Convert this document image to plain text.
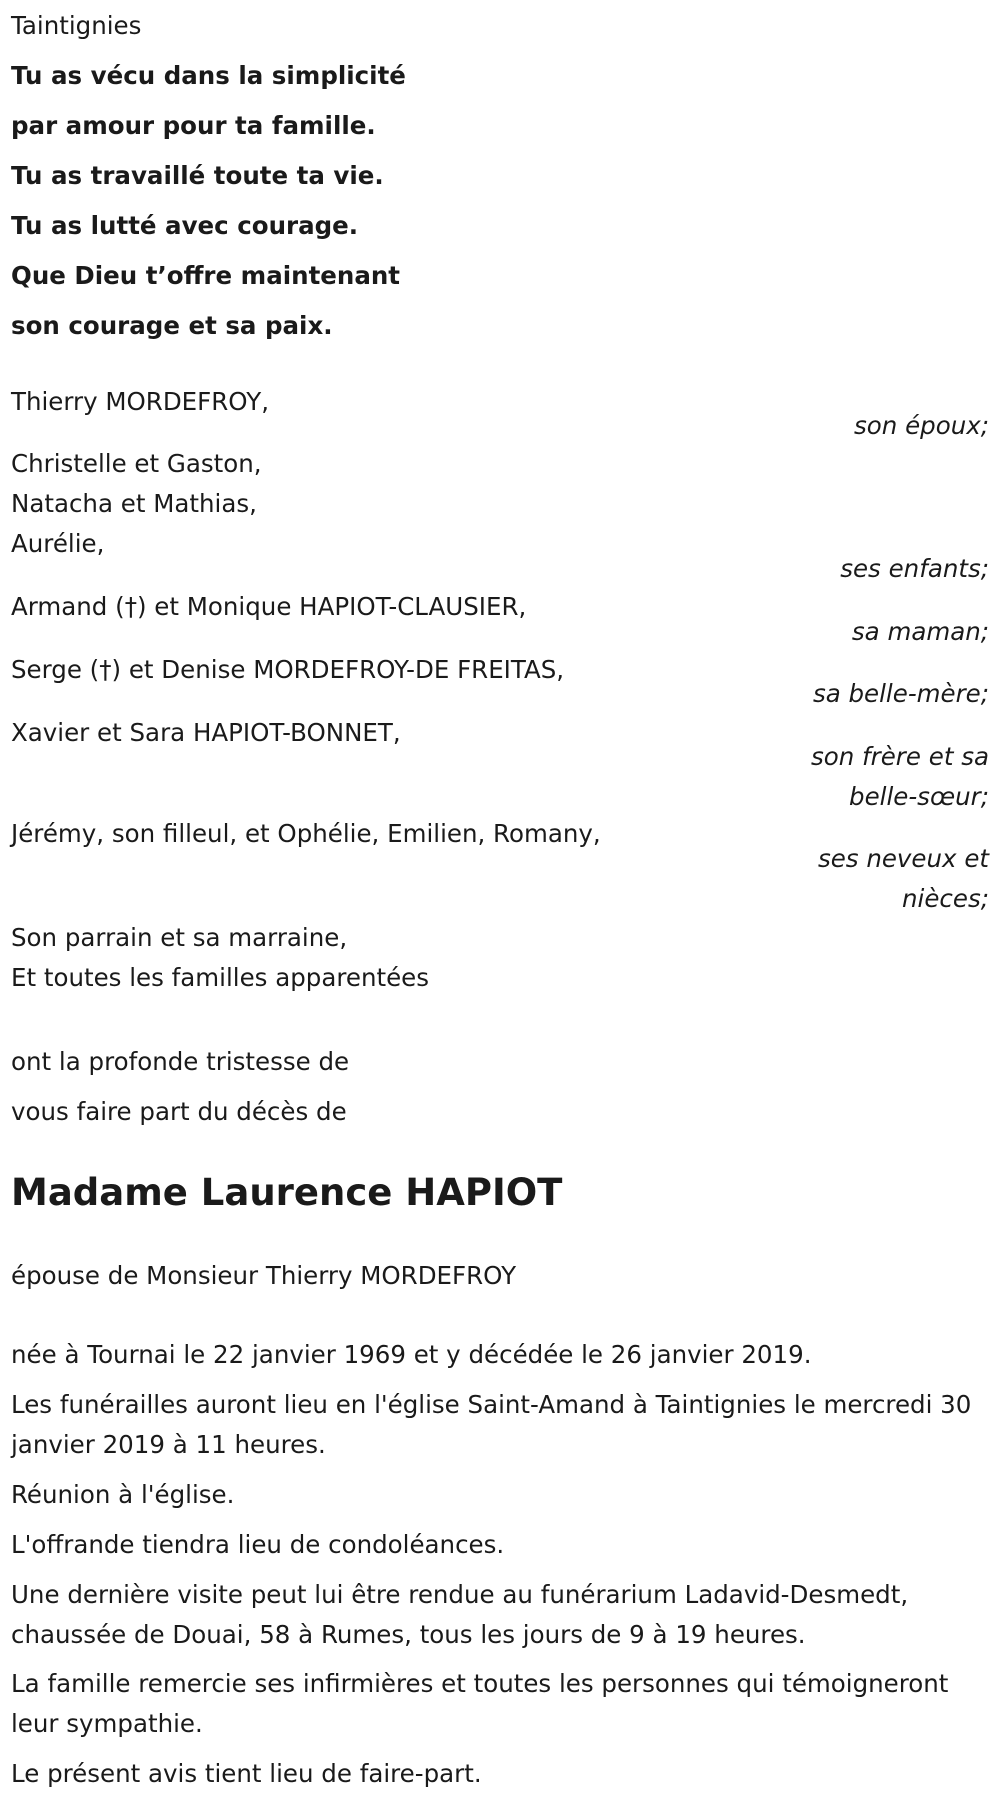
Taintignies
Tu as vécu dans la simplicité
par amour pour ta famille.
Tu as travaillé toute ta vie.
Tu as lutté avec courage.
Que Dieu t’offre maintenant
son courage et sa paix.
Thierry MORDEFROY,
son époux;
Christelle et Gaston,
Natacha et Mathias,
Aurélie,
ses enfants;
Armand (†) et Monique HAPIOT-CLAUSIER,
sa maman;
Serge (†) et Denise MORDEFROY-DE FREITAS,
sa belle-mère;
Xavier et Sara HAPIOT-BONNET,
son frère et sa
belle-sœur;
Jérémy, son filleul, et Ophélie, Emilien, Romany,
ses neveux et
nièces;
Son parrain et sa marraine,
Et toutes les familles apparentées
ont la profonde tristesse de
vous faire part du décès de
Madame Laurence HAPIOT
épouse de Monsieur Thierry MORDEFROY
née à Tournai le 22 janvier 1969 et y décédée le 26 janvier 2019.
Les funérailles auront lieu en l'église Saint-Amand à Taintignies le mercredi 30 janvier 2019 à 11 heures.
Réunion à l'église.
L'offrande tiendra lieu de condoléances.
Une dernière visite peut lui être rendue au funérarium Ladavid-Desmedt, chaussée de Douai, 58 à Rumes, tous les jours de 9 à 19 heures.
La famille remercie ses infirmières et toutes les personnes qui témoigneront leur sympathie.
Le présent avis tient lieu de faire-part.
